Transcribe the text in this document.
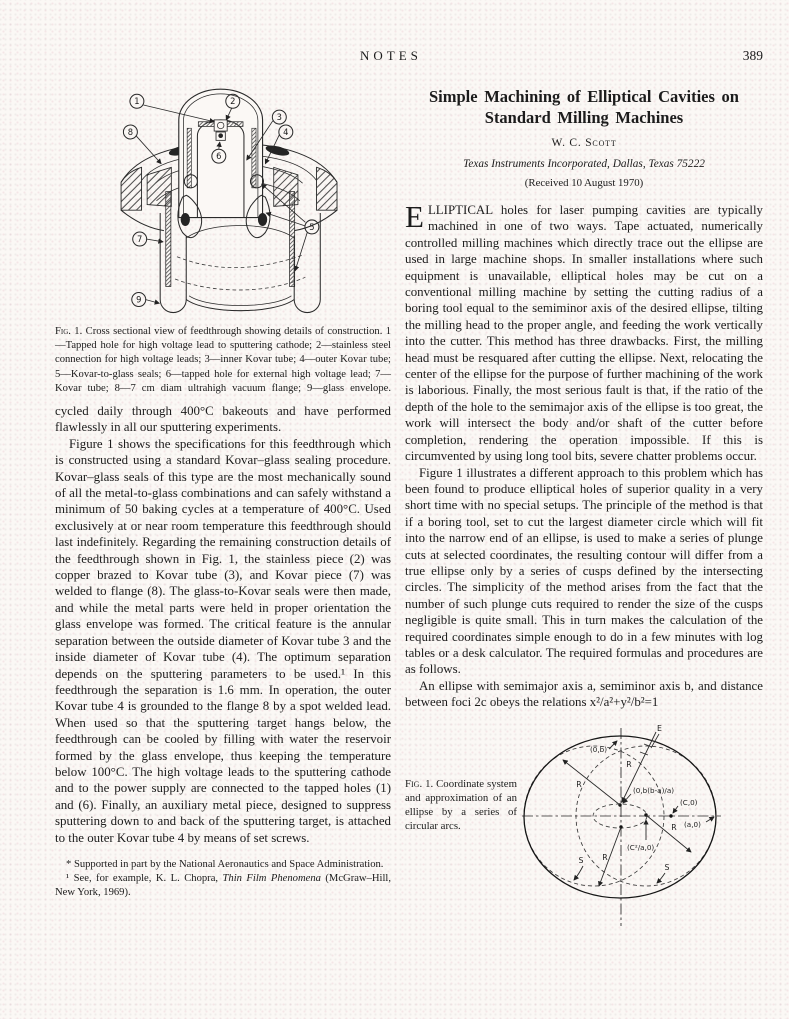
NOTES	389
1	2
3
4
5
6
7
8
9

Fig. 1. Cross sectional view of feedthrough showing details of construction. 1—Tapped hole for high voltage lead to sputtering cathode; 2—stainless steel connection for high voltage leads; 3—inner Kovar tube; 4—outer Kovar tube; 5—Kovar-to-glass seals; 6—tapped hole for external high voltage lead; 7—Kovar tube; 8—7 cm diam ultrahigh vacuum flange; 9—glass envelope.

cycled daily through 400°C bakeouts and have performed flawlessly in all our sputtering experiments.

Figure 1 shows the specifications for this feedthrough which is constructed using a standard Kovar–glass sealing procedure. Kovar–glass seals of this type are the most mechanically sound of all the metal-to-glass combinations and can safely withstand a minimum of 50 baking cycles at a temperature of 400°C. Used exclusively at or near room temperature this feedthrough should last indefinitely. Regarding the remaining construction details of the feedthrough shown in Fig. 1, the stainless piece (2) was copper brazed to Kovar tube (3), and Kovar piece (7) was welded to flange (8). The glass-to-Kovar seals were then made, and while the metal parts were held in proper orientation the glass envelope was formed. The critical feature is the annular separation between the outside diameter of Kovar tube 3 and the inside diameter of Kovar tube (4). The optimum separation depends on the sputtering parameters to be used.¹ In this feedthrough the separation is 1.6 mm. In operation, the outer Kovar tube 4 is grounded to the flange 8 by a spot welded lead. When used so that the sputtering target hangs below, the feedthrough can be cooled by filling with water the reservoir formed by the glass envelope, thus keeping the temperature below 100°C. The high voltage leads to the sputtering cathode and to the power supply are connected to the tapped holes (1) and (6). Finally, an auxiliary metal piece, designed to suppress sputtering down to and back of the sputtering target, is attached to the outer Kovar tube 4 by means of set screws.

* Supported in part by the National Aeronautics and Space Administration.

¹ See, for example, K. L. Chopra, Thin Film Phenomena (McGraw–Hill, New York, 1969).

Simple Machining of Elliptical Cavities on Standard Milling Machines
W. C. Scott
Texas Instruments Incorporated, Dallas, Texas 75222
(Received 10 August 1970)

ELLIPTICAL holes for laser pumping cavities are typically machined in one of two ways. Tape actuated, numerically controlled milling machines which directly trace out the ellipse are used in large machine shops. In smaller installations where such equipment is unavailable, elliptical holes may be cut on a conventional milling machine by setting the cutting radius of a boring tool equal to the semiminor axis of the desired ellipse, tilting the milling head to the proper angle, and feeding the work vertically into the cutter. This method has three drawbacks. First, the milling head must be resquared after cutting the ellipse. Next, relocating the center of the ellipse for the purpose of further machining of the work is laborious. Finally, the most serious fault is that, if the ratio of the depth of the hole to the semimajor axis of the ellipse is too great, the work will intersect the body and/or shaft of the cutter before completion, rendering the operation impossible. If this is circumvented by using long tool bits, severe chatter problems occur.

Figure 1 illustrates a different approach to this problem which has been found to produce elliptical holes of superior quality in a very short time with no special setups. The principle of the method is that if a boring tool, set to cut the largest diameter circle which will fit into the narrow end of an ellipse, is used to make a series of plunge cuts at selected coordinates, the resulting contour will differ from a true ellipse only by a series of cusps defined by the intersecting circles. The simplicity of the method arises from the fact that the number of such plunge cuts required to render the size of the cusps negligible is quite small. This in turn makes the calculation of the required coordinates simple enough to do in a few minutes with log tables or a desk calculator. The required formulas and procedures are as follows.

An ellipse with semimajor axis a, semiminor axis b, and distance between foci 2c obeys the relations x²/a²+y²/b²=1

Fig. 1. Coordinate system and approximation of an ellipse by a series of circular arcs.
E
R
R
R
R
S
S
(0,b)
(0,b(b-a)/a)
(C,0)
(a,0)
(C²/a,0)
